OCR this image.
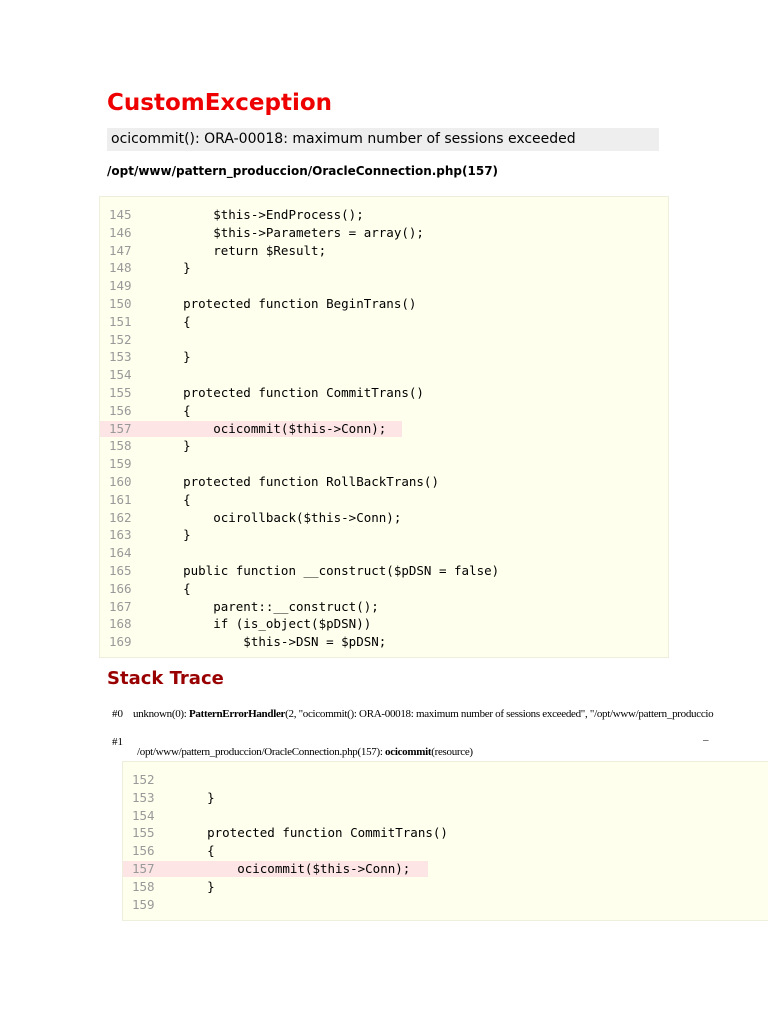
CustomException
ocicommit(): ORA-00018: maximum number of sessions exceeded
/opt/www/pattern_produccion/OracleConnection.php(157)
145	$this->EndProcess();
146	$this->Parameters = array();
147	return $Result;
148	}
149
150	protected function BeginTrans()
151	{
152
153	}
154
155	protected function CommitTrans()
156	{
157	ocicommit($this->Conn);
158	}
159
160	protected function RollBackTrans()
161	{
162	ocirollback($this->Conn);
163	}
164
165	public function __construct($pDSN = false)
166	{
167	parent::__construct();
168	if (is_object($pDSN))
169	$this->DSN = $pDSN;
Stack Trace
#0 unknown(0): PatternErrorHandler(2, "ocicommit(): ORA-00018: maximum number of sessions exceeded", "/opt/www/pattern_produccio
#1	–
/opt/www/pattern_produccion/OracleConnection.php(157): ocicommit(resource)
152
153	}
154
155	protected function CommitTrans()
156	{
157	ocicommit($this->Conn);
158	}
159
